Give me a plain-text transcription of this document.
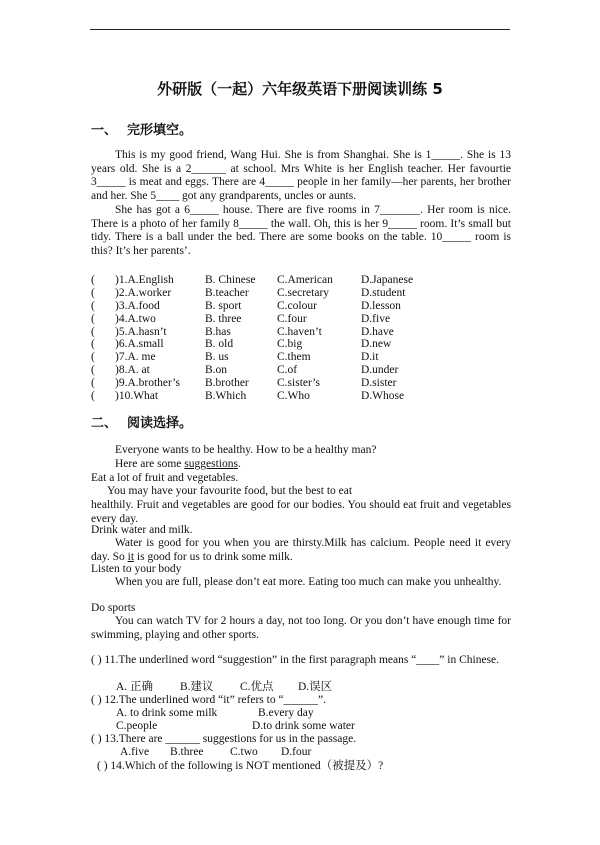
外研版（一起）六年级英语下册阅读训练 5
一、 完形填空。
This is my good friend, Wang Hui. She is from Shanghai. She is 1_____. She is 13 years old. She is a 2______ at school. Mrs White is her English teacher. Her favourtie 3_____ is meat and eggs. There are 4_____ people in her family—her parents, her brother and her. She 5____ got any grandparents, uncles or aunts.
She has got a 6_____ house. There are five rooms in 7_______. Her room is nice. There is a photo of her family 8_____ the wall. Oh, this is her 9_____ room. It’s small but tidy. There is a ball under the bed. There are some books on the table. 10_____ room is this? It’s her parents’.
( )1.A.English	B. Chinese C.American D.Japanese
( )2.A.worker	B.teacher C.secretary	D.student
( )3.A.food	B. sport	C.colour	D.lesson
( )4.A.two	B. three	C.four	D.five
( )5.A.hasn’t	B.has	C.haven’t	D.have
( )6.A.small	B. old	C.big	D.new
( )7.A. me	B. us	C.them	D.it
( )8.A. at	B.on	C.of	D.under
( )9.A.brother’s B.brother C.sister’s	D.sister
( )10.What	B.Which	C.Who	D.Whose
二、 阅读选择。
Everyone wants to be healthy. How to be a healthy man?
Here are some suggestions.
Eat a lot of fruit and vegetables.
You may have your favourite food, but the best to eat
healthily. Fruit and vegetables are good for our bodies. You should eat fruit and vegetables every day.
Drink water and milk.
Water is good for you when you are thirsty.Milk has calcium. People need it every day. So it is good for us to drink some milk.
Listen to your body
When you are full, please don’t eat more. Eating too much can make you unhealthy.
Do sports
You can watch TV for 2 hours a day, not too long. Or you don’t have enough time for swimming, playing and other sports.
( ) 11.The underlined word “suggestion” in the first paragraph means “____” in Chinese.
A. 正确 B.建议 C.优点 D.误区
( ) 12.The underlined word “it” refers to “______”.
A. to drink some milk	B.every day
C.people	D.to drink some water
( ) 13.There are ______ suggestions for us in the passage.
A.five B.three C.two D.four
( ) 14.Which of the following is NOT mentioned（被提及）?
